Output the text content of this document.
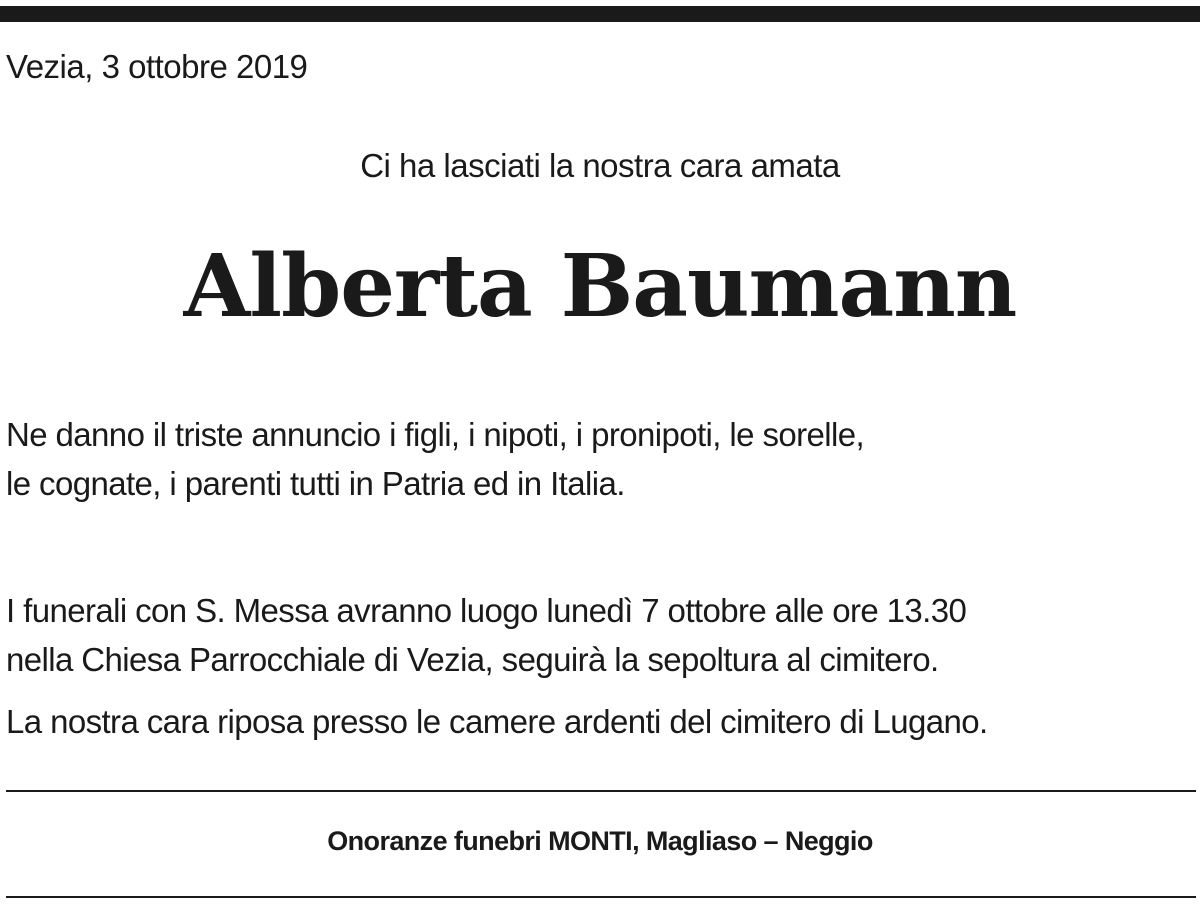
Vezia, 3 ottobre 2019
Ci ha lasciati la nostra cara amata
Alberta Baumann
Ne danno il triste annuncio i figli, i nipoti, i pronipoti, le sorelle,
le cognate, i parenti tutti in Patria ed in Italia.
I funerali con S. Messa avranno luogo lunedì 7 ottobre alle ore 13.30
nella Chiesa Parrocchiale di Vezia, seguirà la sepoltura al cimitero.
La nostra cara riposa presso le camere ardenti del cimitero di Lugano.
Onoranze funebri MONTI, Magliaso – Neggio
